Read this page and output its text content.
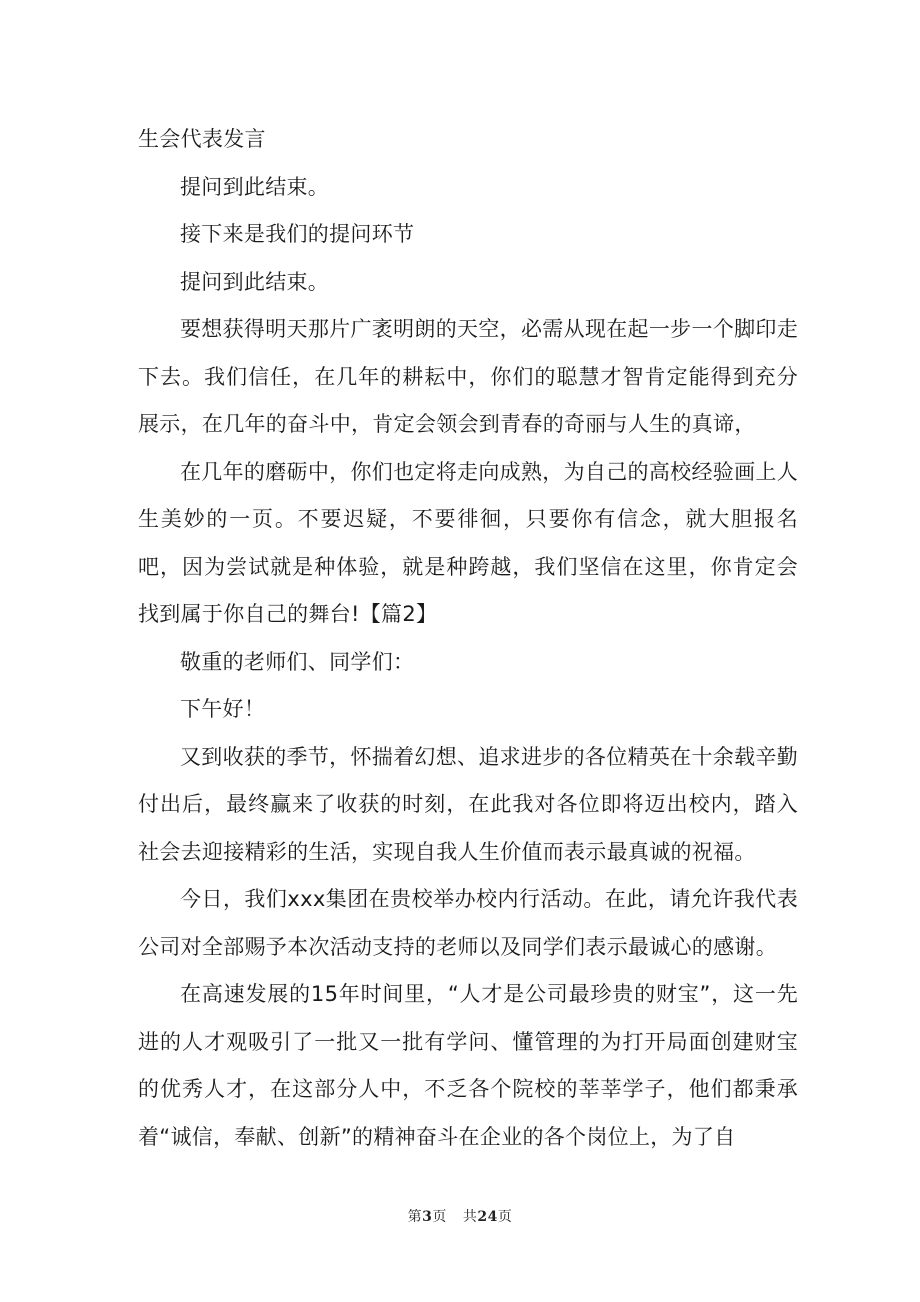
生会代表发言

提问到此结束。

接下来是我们的提问环节

提问到此结束。

要想获得明天那片广袤明朗的天空，必需从现在起一步一个脚印走下去。我们信任，在几年的耕耘中，你们的聪慧才智肯定能得到充分展示，在几年的奋斗中，肯定会领会到青春的奇丽与人生的真谛，

在几年的磨砺中，你们也定将走向成熟，为自己的高校经验画上人生美妙的一页。不要迟疑，不要徘徊，只要你有信念，就大胆报名吧，因为尝试就是种体验，就是种跨越，我们坚信在这里，你肯定会找到属于你自己的舞台!【篇2】

敬重的老师们、同学们：

下午好！

又到收获的季节，怀揣着幻想、追求进步的各位精英在十余载辛勤付出后，最终赢来了收获的时刻，在此我对各位即将迈出校内，踏入社会去迎接精彩的生活，实现自我人生价值而表示最真诚的祝福。

今日，我们xxx集团在贵校举办校内行活动。在此，请允许我代表公司对全部赐予本次活动支持的老师以及同学们表示最诚心的感谢。

在高速发展的15年时间里，“人才是公司最珍贵的财宝”，这一先进的人才观吸引了一批又一批有学问、懂管理的为打开局面创建财宝的优秀人才，在这部分人中，不乏各个院校的莘莘学子，他们都秉承着“诚信，奉献、创新”的精神奋斗在企业的各个岗位上，为了自

第3页 共24页
